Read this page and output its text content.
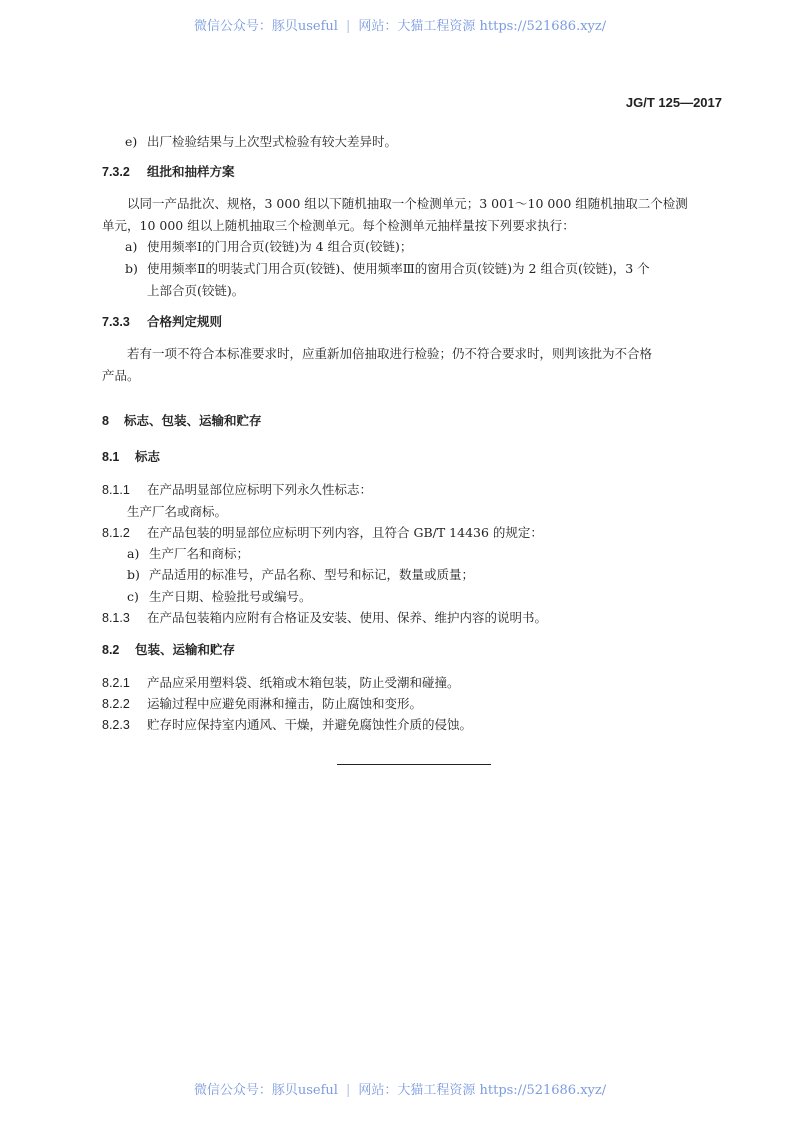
微信公众号：豚贝useful | 网站：大猫工程资源 https://521686.xyz/
JG/T 125—2017
e) 出厂检验结果与上次型式检验有较大差异时。
7.3.2 组批和抽样方案
以同一产品批次、规格，3 000 组以下随机抽取一个检测单元；3 001～10 000 组随机抽取二个检测
单元，10 000 组以上随机抽取三个检测单元。每个检测单元抽样量按下列要求执行：
a) 使用频率Ⅰ的门用合页(铰链)为 4 组合页(铰链)；
b) 使用频率Ⅱ的明装式门用合页(铰链)、使用频率Ⅲ的窗用合页(铰链)为 2 组合页(铰链)，3 个
上部合页(铰链)。
7.3.3 合格判定规则
若有一项不符合本标准要求时，应重新加倍抽取进行检验；仍不符合要求时，则判该批为不合格
产品。
8 标志、包装、运输和贮存
8.1 标志
8.1.1 在产品明显部位应标明下列永久性标志：
生产厂名或商标。
8.1.2 在产品包装的明显部位应标明下列内容，且符合 GB/T 14436 的规定：
a) 生产厂名和商标；
b) 产品适用的标准号，产品名称、型号和标记，数量或质量；
c) 生产日期、检验批号或编号。
8.1.3 在产品包装箱内应附有合格证及安装、使用、保养、维护内容的说明书。
8.2 包装、运输和贮存
8.2.1 产品应采用塑料袋、纸箱或木箱包装，防止受潮和碰撞。
8.2.2 运输过程中应避免雨淋和撞击，防止腐蚀和变形。
8.2.3 贮存时应保持室内通风、干燥，并避免腐蚀性介质的侵蚀。
微信公众号：豚贝useful | 网站：大猫工程资源 https://521686.xyz/
